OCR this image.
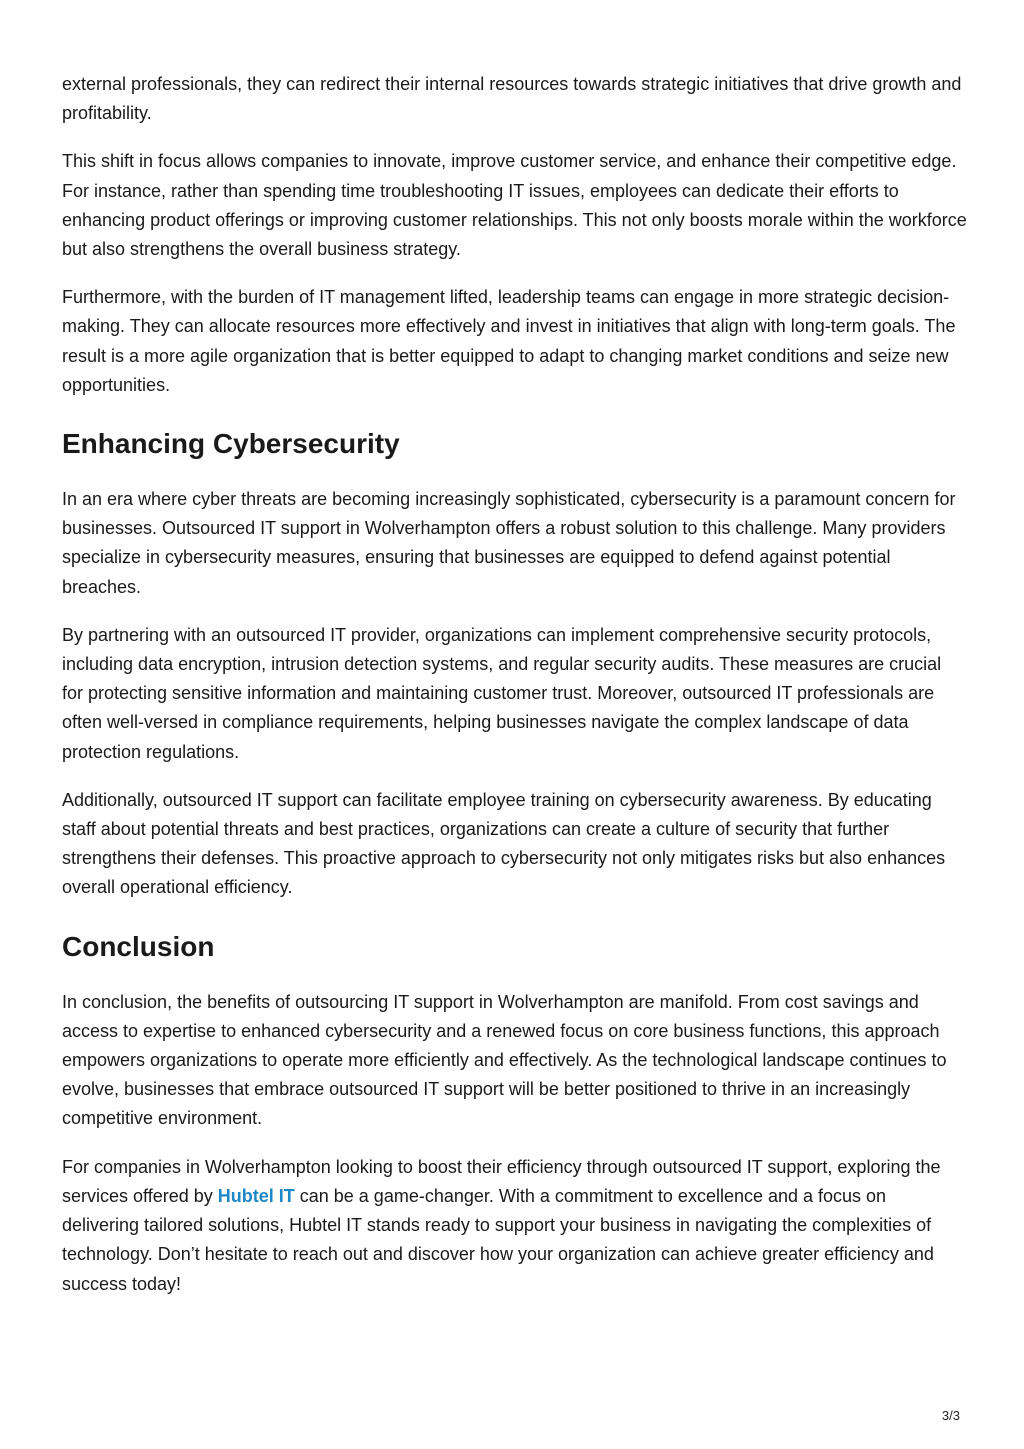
external professionals, they can redirect their internal resources towards strategic initiatives that drive growth and profitability.

This shift in focus allows companies to innovate, improve customer service, and enhance their competitive edge. For instance, rather than spending time troubleshooting IT issues, employees can dedicate their efforts to enhancing product offerings or improving customer relationships. This not only boosts morale within the workforce but also strengthens the overall business strategy.

Furthermore, with the burden of IT management lifted, leadership teams can engage in more strategic decision-making. They can allocate resources more effectively and invest in initiatives that align with long-term goals. The result is a more agile organization that is better equipped to adapt to changing market conditions and seize new opportunities.

Enhancing Cybersecurity

In an era where cyber threats are becoming increasingly sophisticated, cybersecurity is a paramount concern for businesses. Outsourced IT support in Wolverhampton offers a robust solution to this challenge. Many providers specialize in cybersecurity measures, ensuring that businesses are equipped to defend against potential breaches.

By partnering with an outsourced IT provider, organizations can implement comprehensive security protocols, including data encryption, intrusion detection systems, and regular security audits. These measures are crucial for protecting sensitive information and maintaining customer trust. Moreover, outsourced IT professionals are often well-versed in compliance requirements, helping businesses navigate the complex landscape of data protection regulations.

Additionally, outsourced IT support can facilitate employee training on cybersecurity awareness. By educating staff about potential threats and best practices, organizations can create a culture of security that further strengthens their defenses. This proactive approach to cybersecurity not only mitigates risks but also enhances overall operational efficiency.

Conclusion

In conclusion, the benefits of outsourcing IT support in Wolverhampton are manifold. From cost savings and access to expertise to enhanced cybersecurity and a renewed focus on core business functions, this approach empowers organizations to operate more efficiently and effectively. As the technological landscape continues to evolve, businesses that embrace outsourced IT support will be better positioned to thrive in an increasingly competitive environment.

For companies in Wolverhampton looking to boost their efficiency through outsourced IT support, exploring the services offered by Hubtel IT can be a game-changer. With a commitment to excellence and a focus on delivering tailored solutions, Hubtel IT stands ready to support your business in navigating the complexities of technology. Don’t hesitate to reach out and discover how your organization can achieve greater efficiency and success today!

3/3
